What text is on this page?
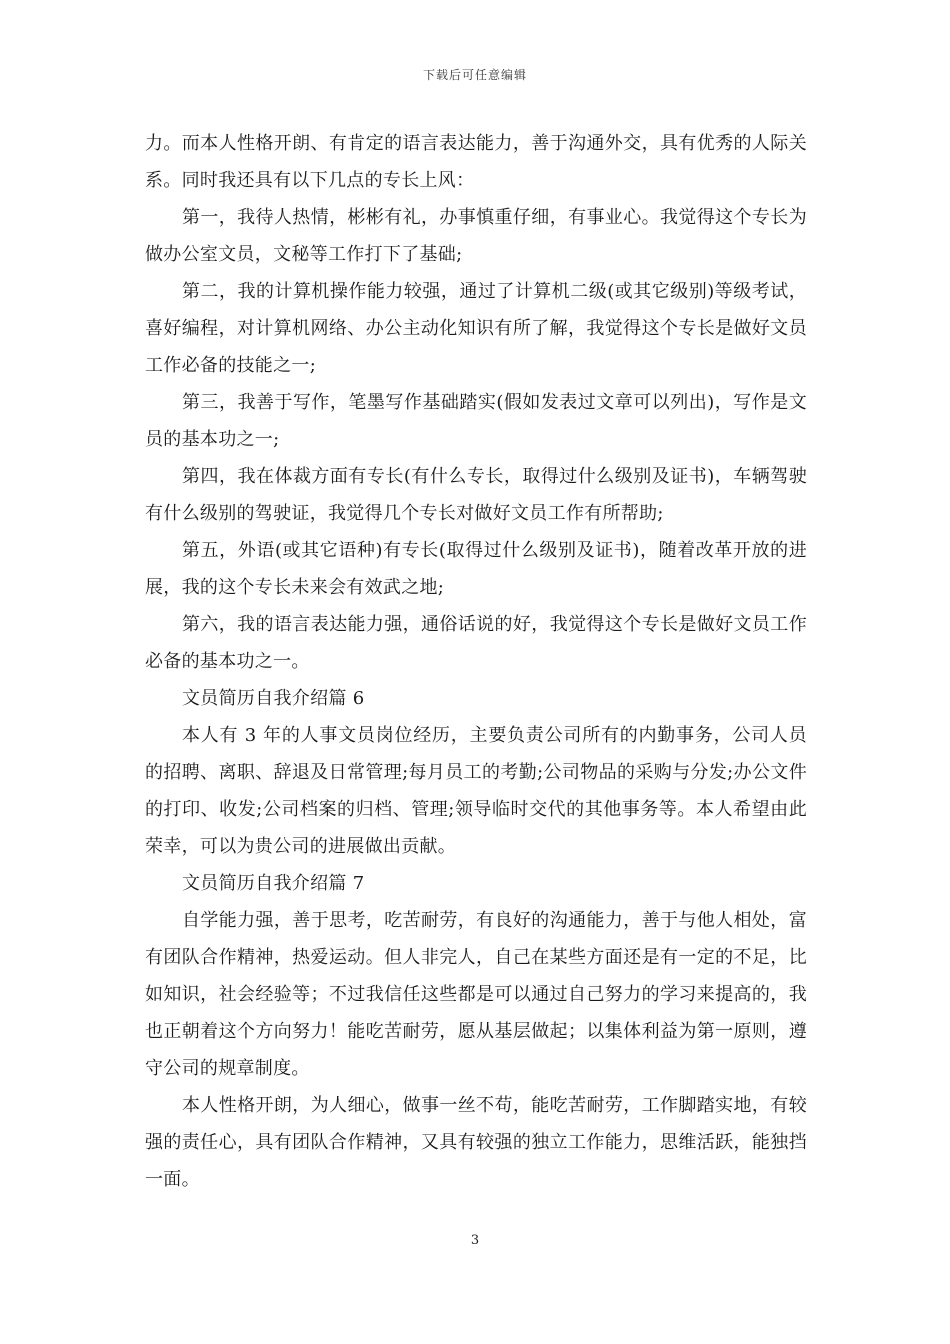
下载后可任意编辑

力。而本人性格开朗、有肯定的语言表达能力，善于沟通外交，具有优秀的人际关系。同时我还具有以下几点的专长上风：

第一，我待人热情，彬彬有礼，办事慎重仔细，有事业心。我觉得这个专长为做办公室文员，文秘等工作打下了基础;

第二，我的计算机操作能力较强，通过了计算机二级(或其它级别)等级考试，喜好编程，对计算机网络、办公主动化知识有所了解，我觉得这个专长是做好文员工作必备的技能之一;

第三，我善于写作，笔墨写作基础踏实(假如发表过文章可以列出)，写作是文员的基本功之一;

第四，我在体裁方面有专长(有什么专长，取得过什么级别及证书)，车辆驾驶有什么级别的驾驶证，我觉得几个专长对做好文员工作有所帮助;

第五，外语(或其它语种)有专长(取得过什么级别及证书)，随着改革开放的进展，我的这个专长未来会有效武之地;

第六，我的语言表达能力强，通俗话说的好，我觉得这个专长是做好文员工作必备的基本功之一。

文员简历自我介绍篇 6

本人有 3 年的人事文员岗位经历，主要负责公司所有的内勤事务，公司人员的招聘、离职、辞退及日常管理;每月员工的考勤;公司物品的采购与分发;办公文件的打印、收发;公司档案的归档、管理;领导临时交代的其他事务等。本人希望由此荣幸，可以为贵公司的进展做出贡献。

文员简历自我介绍篇 7

自学能力强，善于思考，吃苦耐劳，有良好的沟通能力，善于与他人相处，富有团队合作精神，热爱运动。但人非完人，自己在某些方面还是有一定的不足，比如知识，社会经验等；不过我信任这些都是可以通过自己努力的学习来提高的，我也正朝着这个方向努力！能吃苦耐劳，愿从基层做起；以集体利益为第一原则，遵守公司的规章制度。

本人性格开朗，为人细心，做事一丝不苟，能吃苦耐劳，工作脚踏实地，有较强的责任心，具有团队合作精神，又具有较强的独立工作能力，思维活跃，能独挡一面。

3
